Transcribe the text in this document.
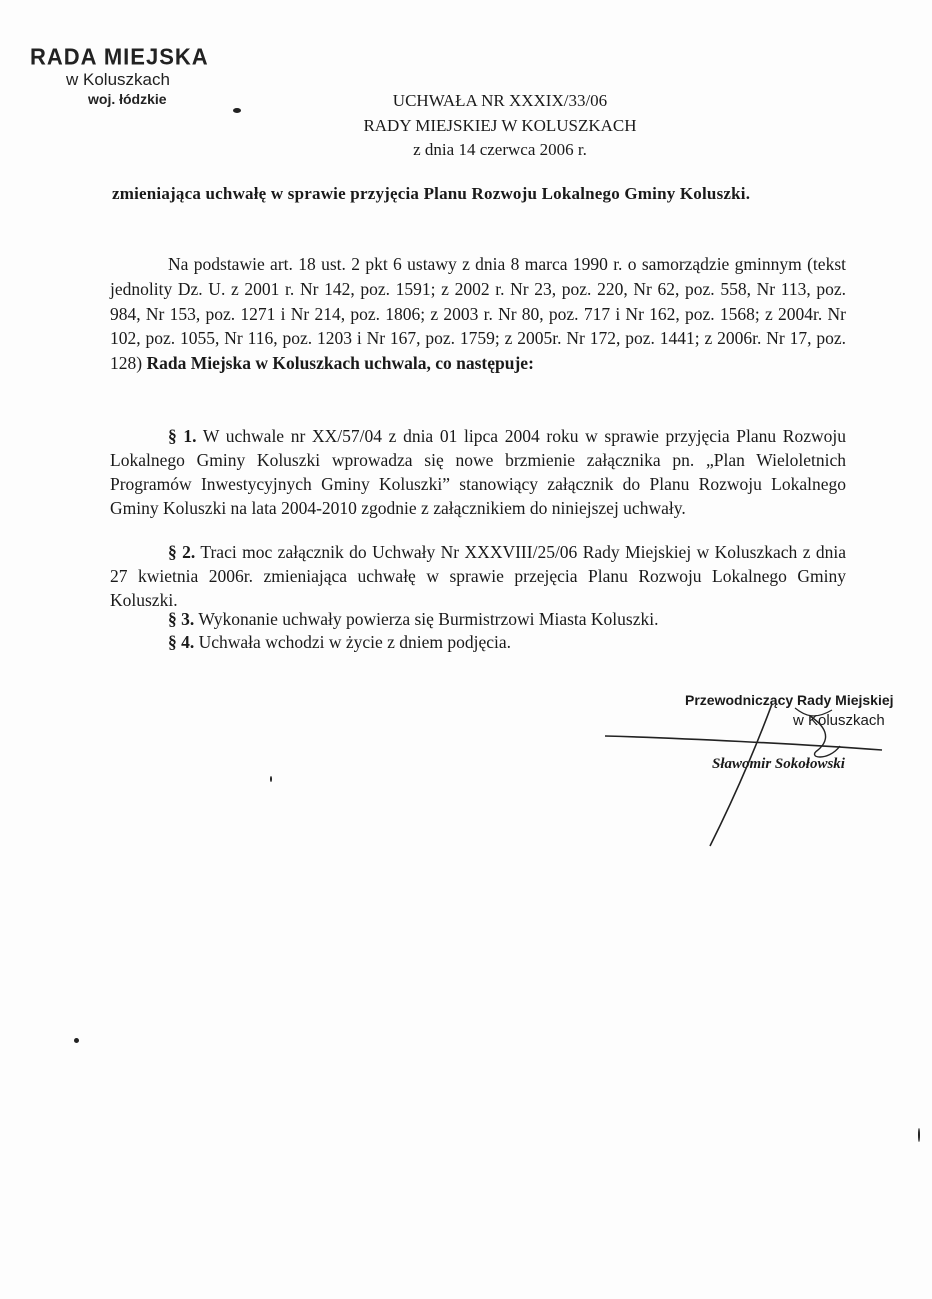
RADA MIEJSKA
w Koluszkach
woj. łódzkie	UCHWAŁA NR XXXIX/33/06
RADY MIEJSKIEJ W KOLUSZKACH
z dnia 14 czerwca 2006 r.
zmieniająca uchwałę w sprawie przyjęcia Planu Rozwoju Lokalnego Gminy Koluszki.
Na podstawie art. 18 ust. 2 pkt 6 ustawy z dnia 8 marca 1990 r. o samorządzie gminnym (tekst jednolity Dz. U. z 2001 r. Nr 142, poz. 1591; z 2002 r. Nr 23, poz. 220, Nr 62, poz. 558, Nr 113, poz. 984, Nr 153, poz. 1271 i Nr 214, poz. 1806; z 2003 r. Nr 80, poz. 717 i Nr 162, poz. 1568; z 2004r. Nr 102, poz. 1055, Nr 116, poz. 1203 i Nr 167, poz. 1759; z 2005r. Nr 172, poz. 1441; z 2006r. Nr 17, poz. 128) Rada Miejska w Koluszkach uchwala, co następuje:
§ 1. W uchwale nr XX/57/04 z dnia 01 lipca 2004 roku w sprawie przyjęcia Planu Rozwoju Lokalnego Gminy Koluszki wprowadza się nowe brzmienie załącznika pn. „Plan Wieloletnich Programów Inwestycyjnych Gminy Koluszki” stanowiący załącznik do Planu Rozwoju Lokalnego Gminy Koluszki na lata 2004-2010 zgodnie z załącznikiem do niniejszej uchwały.
§ 2. Traci moc załącznik do Uchwały Nr XXXVIII/25/06 Rady Miejskiej w Koluszkach z dnia 27 kwietnia 2006r. zmieniająca uchwałę w sprawie przejęcia Planu Rozwoju Lokalnego Gminy Koluszki.
§ 3. Wykonanie uchwały powierza się Burmistrzowi Miasta Koluszki.
§ 4. Uchwała wchodzi w życie z dniem podjęcia.
Przewodniczący Rady Miejskiej
w Koluszkach
Sławomir Sokołowski
